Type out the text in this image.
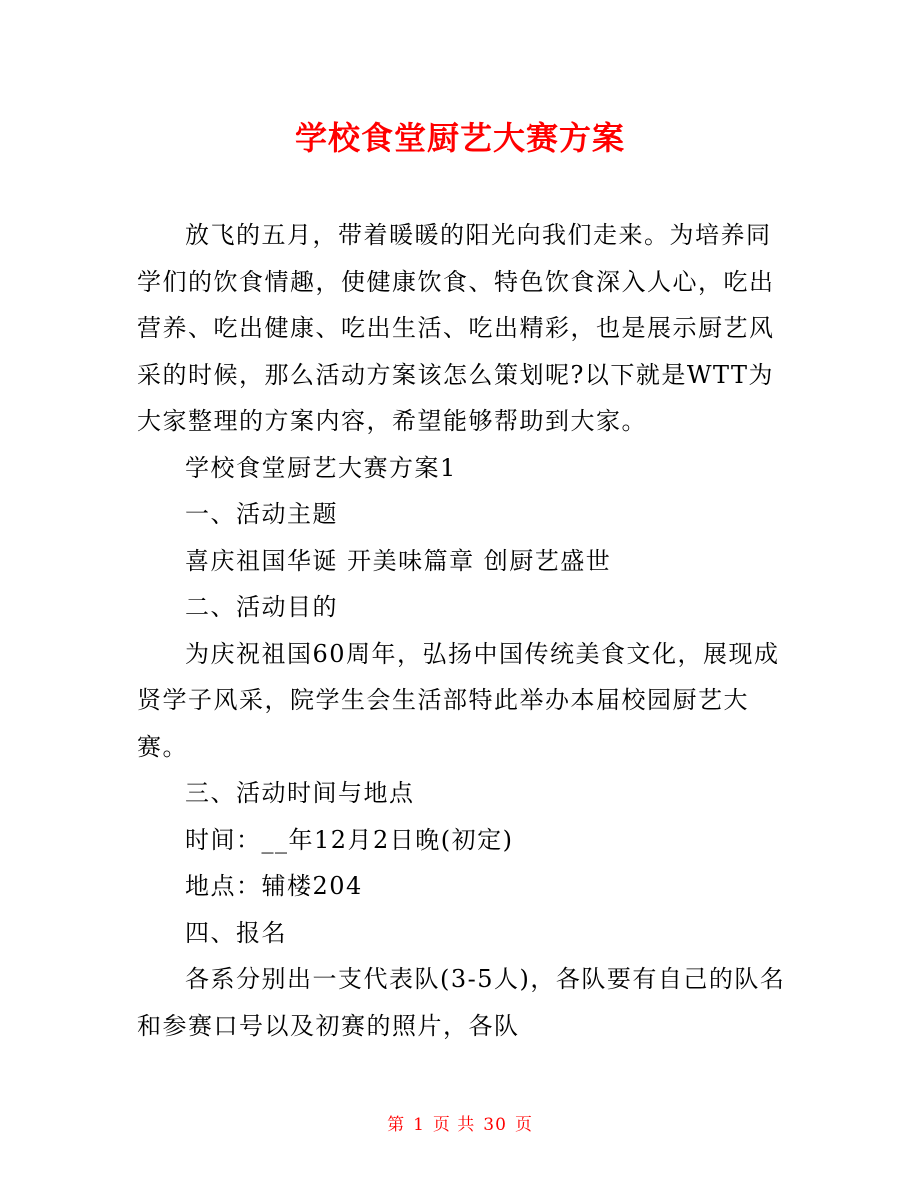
学校食堂厨艺大赛方案

放飞的五月，带着暖暖的阳光向我们走来。为培养同学们的饮食情趣，使健康饮食、特色饮食深入人心，吃出营养、吃出健康、吃出生活、吃出精彩，也是展示厨艺风采的时候，那么活动方案该怎么策划呢?以下就是WTT为大家整理的方案内容，希望能够帮助到大家。

学校食堂厨艺大赛方案1

一、活动主题

喜庆祖国华诞 开美味篇章 创厨艺盛世

二、活动目的

为庆祝祖国60周年，弘扬中国传统美食文化，展现成贤学子风采，院学生会生活部特此举办本届校园厨艺大赛。

三、活动时间与地点

时间：__年12月2日晚(初定)

地点：辅楼204

四、报名

各系分别出一支代表队(3-5人)，各队要有自己的队名和参赛口号以及初赛的照片，各队

第 1 页 共 30 页
